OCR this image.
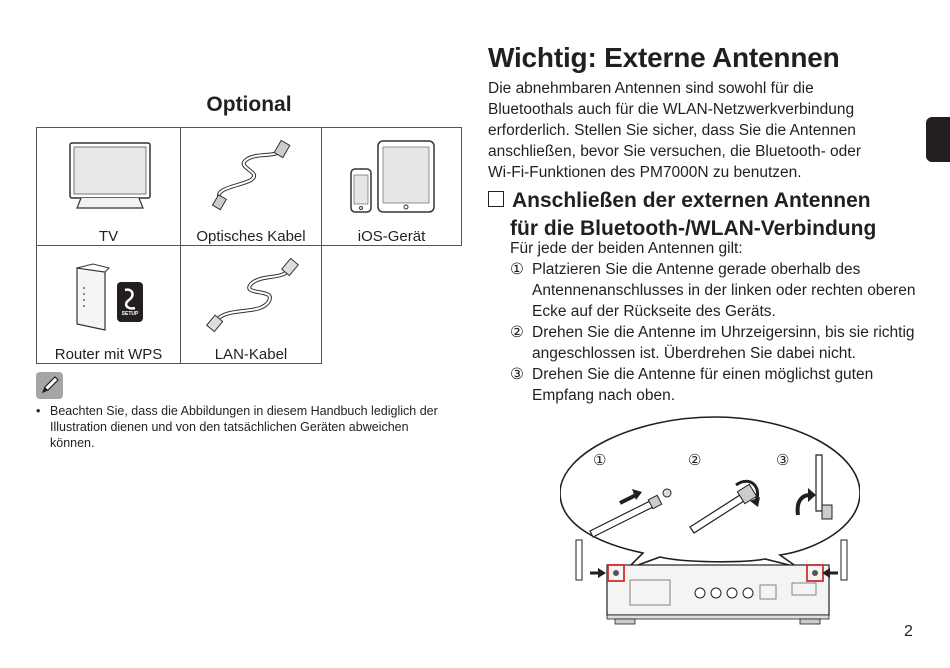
Optional
TV	Optisches Kabel	iOS-Gerät
SETUP
Router mit WPS	LAN-Kabel
• Beachten Sie, dass die Abbildungen in diesem Handbuch lediglich der Illustration dienen und von den tatsächlichen Geräten abweichen können.
Wichtig: Externe Antennen
Die abnehmbaren Antennen sind sowohl für die Bluetoothals auch für die WLAN-Netzwerkverbindung erforderlich. Stellen Sie sicher, dass Sie die Antennen anschließen, bevor Sie versuchen, die Bluetooth- oder Wi-Fi-Funktionen des PM7000N zu benutzen.
Anschließen der externen Antennen
für die Bluetooth-/WLAN-Verbindung
Für jede der beiden Antennen gilt:
① Platzieren Sie die Antenne gerade oberhalb des Antennenanschlusses in der linken oder rechten oberen Ecke auf der Rückseite des Geräts.
② Drehen Sie die Antenne im Uhrzeigersinn, bis sie richtig angeschlossen ist. Überdrehen Sie dabei nicht.
③ Drehen Sie die Antenne für einen möglichst guten Empfang nach oben.
①	②	③
2
